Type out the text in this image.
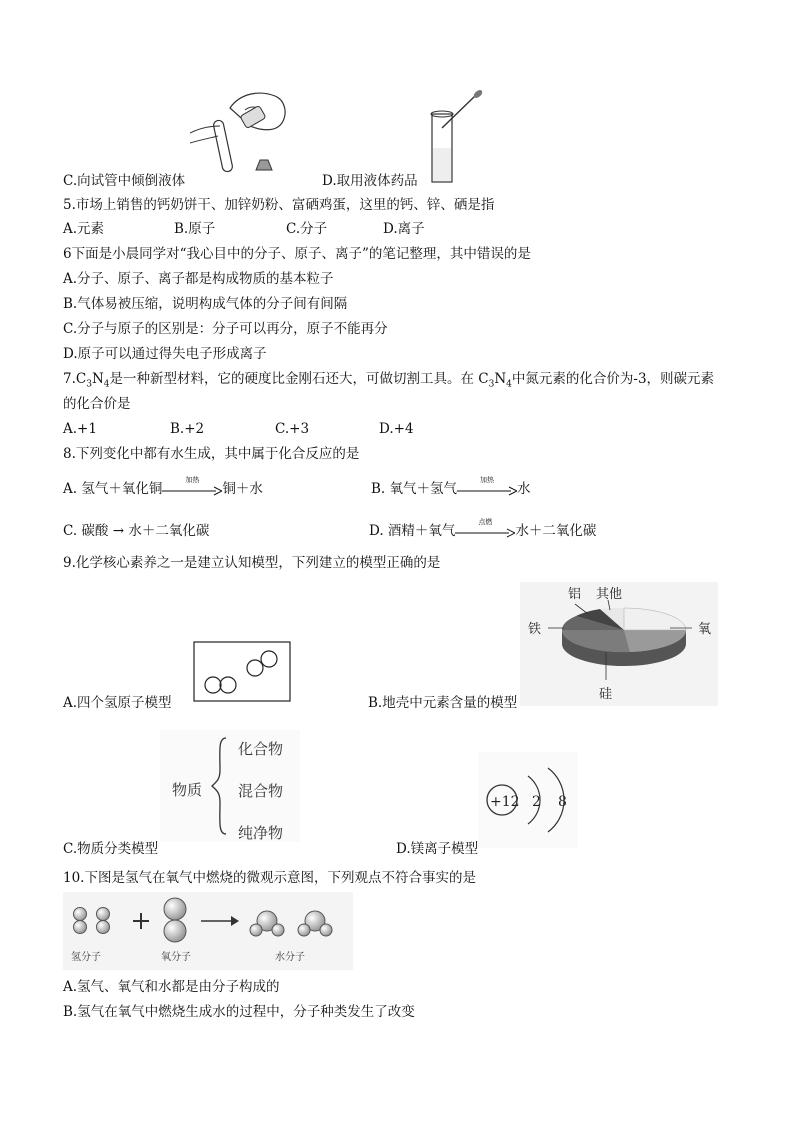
C.向试管中倾倒液体	D.取用液体药品
5.市场上销售的钙奶饼干、加锌奶粉、富硒鸡蛋，这里的钙、锌、硒是指
A.元素	B.原子	C.分子	D.离子
6下面是小晨同学对“我心目中的分子、原子、离子”的笔记整理，其中错误的是
A.分子、原子、离子都是构成物质的基本粒子
B.气体易被压缩，说明构成气体的分子间有间隔
C.分子与原子的区别是：分子可以再分，原子不能再分
D.原子可以通过得失电子形成离子
$7.C_3N_4$是一种新型材料，它的硬度比金刚石还大，可做切割工具。在 $C_3N_4$中氮元素的化合价为-3，则碳元素
的化合价是
A.+1	B.+2	C.+3	D.+4
8.下列变化中都有水生成，其中属于化合反应的是
A. 氢气＋氧化铜
加热
铜＋水	B. 氧气＋氢气
加热
水
C. 碳酸 → 水＋二氧化碳	D. 酒精＋氧气
点燃
水＋二氧化碳
9.化学核心素养之一是建立认知模型，下列建立的模型正确的是
A.四个氢原子模型
铝 其他
铁	氧
硅
B.地壳中元素含量的模型
物质
化合物
混合物
纯净物
C.物质分类模型
+12 2 8
D.镁离子模型
10.下图是氢气在氧气中燃烧的微观示意图，下列观点不符合事实的是
氢分子	氧分子	水分子
A.氢气、氧气和水都是由分子构成的
B.氢气在氧气中燃烧生成水的过程中，分子种类发生了改变
